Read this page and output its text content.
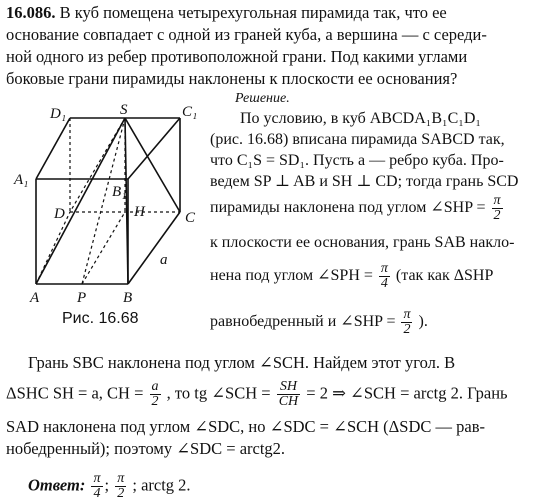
16.086. В куб помещена четырехугольная пирамида так, что ее
основание совпадает с одной из граней куба, а вершина — с середи-
ной одного из ребер противоположной грани. Под какими углами
боковые грани пирамиды наклонены к плоскости ее основания?
D₁	S	C₁
A₁
B₁
D	H	C
a
A	P B
Рис. 16.68
Решение.
По условию, в куб ABCDA₁B₁C₁D₁
(рис. 16.68) вписана пирамида SABCD так,
что C₁S = SD₁. Пусть a — ребро куба. Про-
ведем SP ⊥ AB и SH ⊥ CD; тогда грань SCD
пирамиды наклонена под углом ∠SHP = $\frac{\pi}{2}$
к плоскости ее основания, грань SAB накло-
нена под углом ∠SPH = $\frac{\pi}{4} (так$ как ΔSHP
равнобедренный и ∠SHP = $\frac{\pi}{2}$ ).
Грань SBC наклонена под углом ∠SCH. Найдем этот угол. В
ΔSHC SH = a, CH = $\frac{a}{2}$ , то tg ∠SCH = $\frac{SH}{CH} = 2$ ⇒ ∠SCH = arctg 2. Грань
SAD наклонена под углом ∠SDC, но ∠SDC = ∠SCH (ΔSDC — рав-
нобедренный); поэтому ∠SDC = arctg2.
Ответ: $\frac{\pi}{4}$ ; $\frac{\pi}{2}$ ; arctg 2.
